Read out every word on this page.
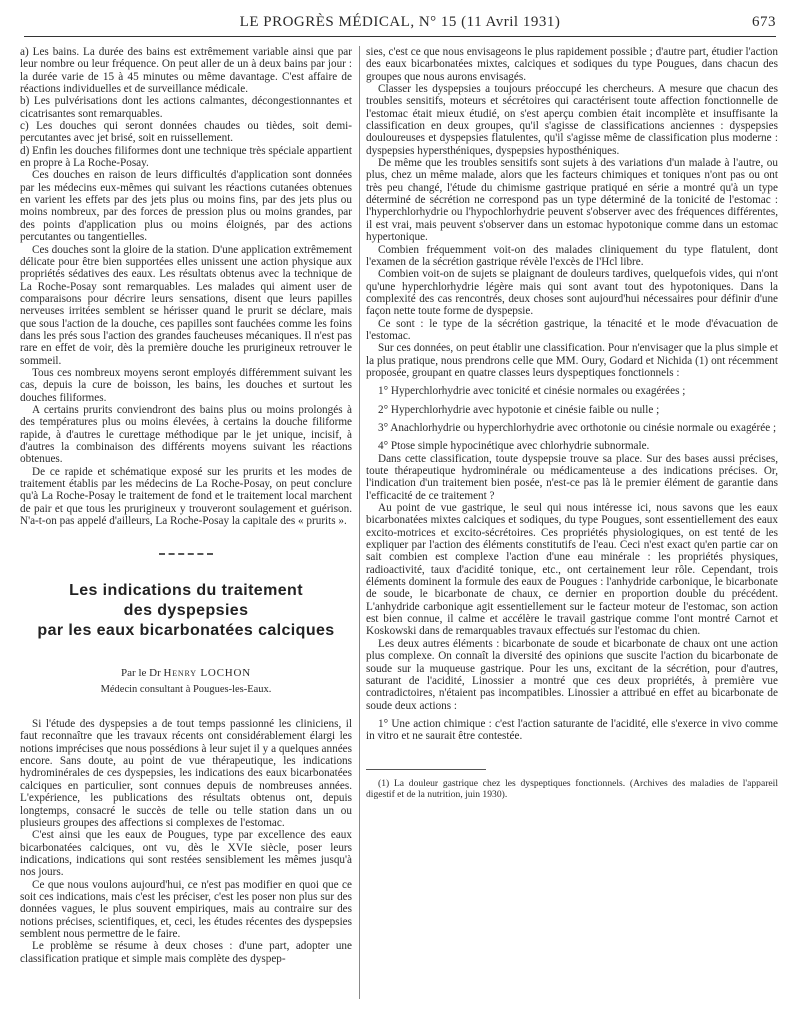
LE PROGRÈS MÉDICAL, N° 15 (11 Avril 1931)	673

a) Les bains. La durée des bains est extrêmement variable ainsi que par leur nombre ou leur fréquence. On peut aller de un à deux bains par jour : la durée varie de 15 à 45 minutes ou même davantage. C'est affaire de réactions individuelles et de surveillance médicale.

b) Les pulvérisations dont les actions calmantes, décongestionnantes et cicatrisantes sont remarquables.

c) Les douches qui seront données chaudes ou tièdes, soit demi-percutantes avec jet brisé, soit en ruissellement.

d) Enfin les douches filiformes dont une technique très spéciale appartient en propre à La Roche-Posay.

Ces douches en raison de leurs difficultés d'application sont données par les médecins eux-mêmes qui suivant les réactions cutanées obtenues en varient les effets par des jets plus ou moins fins, par des jets plus ou moins nombreux, par des forces de pression plus ou moins grandes, par des points d'application plus ou moins éloignés, par des actions percutantes ou tangentielles.

Ces douches sont la gloire de la station. D'une application extrêmement délicate pour être bien supportées elles unissent une action physique aux propriétés sédatives des eaux. Les résultats obtenus avec la technique de La Roche-Posay sont remarquables. Les malades qui aiment user de comparaisons pour décrire leurs sensations, disent que leurs papilles nerveuses irritées semblent se hérisser quand le prurit se déclare, mais que sous l'action de la douche, ces papilles sont fauchées comme les foins dans les prés sous l'action des grandes faucheuses mécaniques. Il n'est pas rare en effet de voir, dès la première douche les prurigineux retrouver le sommeil.

Tous ces nombreux moyens seront employés différemment suivant les cas, depuis la cure de boisson, les bains, les douches et surtout les douches filiformes.

A certains prurits conviendront des bains plus ou moins prolongés à des températures plus ou moins élevées, à certains la douche filiforme rapide, à d'autres le curettage méthodique par le jet unique, incisif, à d'autres la combinaison des différents moyens suivant les réactions obtenues.

De ce rapide et schématique exposé sur les prurits et les modes de traitement établis par les médecins de La Roche-Posay, on peut conclure qu'à La Roche-Posay le traitement de fond et le traitement local marchent de pair et que tous les prurigineux y trouveront soulagement et guérison. N'a-t-on pas appelé d'ailleurs, La Roche-Posay la capitale des « prurits ».

Les indications du traitement
des dyspepsies
par les eaux bicarbonatées calciques
Par le Dr Henry LOCHON
Médecin consultant à Pougues-les-Eaux.

Si l'étude des dyspepsies a de tout temps passionné les cliniciens, il faut reconnaître que les travaux récents ont considérablement élargi les notions imprécises que nous possédions à leur sujet il y a quelques années encore. Sans doute, au point de vue thérapeutique, les indications hydrominérales de ces dyspepsies, les indications des eaux bicarbonatées calciques en particulier, sont connues depuis de nombreuses années. L'expérience, les publications des résultats obtenus ont, depuis longtemps, consacré le succès de telle ou telle station dans un ou plusieurs groupes des affections si complexes de l'estomac.

C'est ainsi que les eaux de Pougues, type par excellence des eaux bicarbonatées calciques, ont vu, dès le XVIe siècle, poser leurs indications, indications qui sont restées sensiblement les mêmes jusqu'à nos jours.

Ce que nous voulons aujourd'hui, ce n'est pas modifier en quoi que ce soit ces indications, mais c'est les préciser, c'est les poser non plus sur des données vagues, le plus souvent empiriques, mais au contraire sur des notions précises, scientifiques, et, ceci, les études récentes des dyspepsies semblent nous permettre de le faire.

Le problème se résume à deux choses : d'une part, adopter une classification pratique et simple mais complète des dyspep-

sies, c'est ce que nous envisageons le plus rapidement possible ; d'autre part, étudier l'action des eaux bicarbonatées mixtes, calciques et sodiques du type Pougues, dans chacun des groupes que nous aurons envisagés.

Classer les dyspepsies a toujours préoccupé les chercheurs. A mesure que chacun des troubles sensitifs, moteurs et sécrétoires qui caractérisent toute affection fonctionnelle de l'estomac était mieux étudié, on s'est aperçu combien était incomplète et insuffisante la classification en deux groupes, qu'il s'agisse de classifications anciennes : dyspepsies douloureuses et dyspepsies flatulentes, qu'il s'agisse même de classification plus moderne : dyspepsies hypersthéniques, dyspepsies hyposthéniques.

De même que les troubles sensitifs sont sujets à des variations d'un malade à l'autre, ou plus, chez un même malade, alors que les facteurs chimiques et toniques n'ont pas ou ont très peu changé, l'étude du chimisme gastrique pratiqué en série a montré qu'à un type déterminé de sécrétion ne correspond pas un type déterminé de la tonicité de l'estomac : l'hyperchlorhydrie ou l'hypochlorhydrie peuvent s'observer avec des fréquences différentes, il est vrai, mais peuvent s'observer dans un estomac hypotonique comme dans un estomac hypertonique.

Combien fréquemment voit-on des malades cliniquement du type flatulent, dont l'examen de la sécrétion gastrique révèle l'excès de l'Hcl libre.

Combien voit-on de sujets se plaignant de douleurs tardives, quelquefois vides, qui n'ont qu'une hyperchlorhydrie légère mais qui sont avant tout des hypotoniques. Dans la complexité des cas rencontrés, deux choses sont aujourd'hui nécessaires pour définir d'une façon nette toute forme de dyspepsie.

Ce sont : le type de la sécrétion gastrique, la ténacité et le mode d'évacuation de l'estomac.

Sur ces données, on peut établir une classification. Pour n'envisager que la plus simple et la plus pratique, nous prendrons celle que MM. Oury, Godard et Nichida (1) ont récemment proposée, groupant en quatre classes leurs dyspeptiques fonctionnels :

1° Hyperchlorhydrie avec tonicité et cinésie normales ou exagérées ;

2° Hyperchlorhydrie avec hypotonie et cinésie faible ou nulle ;

3° Anachlorhydrie ou hyperchlorhydrie avec orthotonie ou cinésie normale ou exagérée ;

4° Ptose simple hypocinétique avec chlorhydrie subnormale.

Dans cette classification, toute dyspepsie trouve sa place. Sur des bases aussi précises, toute thérapeutique hydrominérale ou médicamenteuse a des indications précises. Or, l'indication d'un traitement bien posée, n'est-ce pas là le premier élément de garantie dans l'efficacité de ce traitement ?

Au point de vue gastrique, le seul qui nous intéresse ici, nous savons que les eaux bicarbonatées mixtes calciques et sodiques, du type Pougues, sont essentiellement des eaux excito-motrices et excito-sécrétoires. Ces propriétés physiologiques, on est tenté de les expliquer par l'action des éléments constitutifs de l'eau. Ceci n'est exact qu'en partie car on sait combien est complexe l'action d'une eau minérale : les propriétés physiques, radioactivité, taux d'acidité tonique, etc., ont certainement leur rôle. Cependant, trois éléments dominent la formule des eaux de Pougues : l'anhydride carbonique, le bicarbonate de soude, le bicarbonate de chaux, ce dernier en proportion double du précédent. L'anhydride carbonique agit essentiellement sur le facteur moteur de l'estomac, son action est bien connue, il calme et accélère le travail gastrique comme l'ont montré Carnot et Koskowski dans de remarquables travaux effectués sur l'estomac du chien.

Les deux autres éléments : bicarbonate de soude et bicarbonate de chaux ont une action plus complexe. On connaît la diversité des opinions que suscite l'action du bicarbonate de soude sur la muqueuse gastrique. Pour les uns, excitant de la sécrétion, pour d'autres, saturant de l'acidité, Linossier a montré que ces deux propriétés, à première vue contradictoires, n'étaient pas incompatibles. Linossier a attribué en effet au bicarbonate de soude deux actions :

1° Une action chimique : c'est l'action saturante de l'acidité, elle s'exerce in vivo comme in vitro et ne saurait être contestée.

(1) La douleur gastrique chez les dyspeptiques fonctionnels. (Archives des maladies de l'appareil digestif et de la nutrition, juin 1930).
